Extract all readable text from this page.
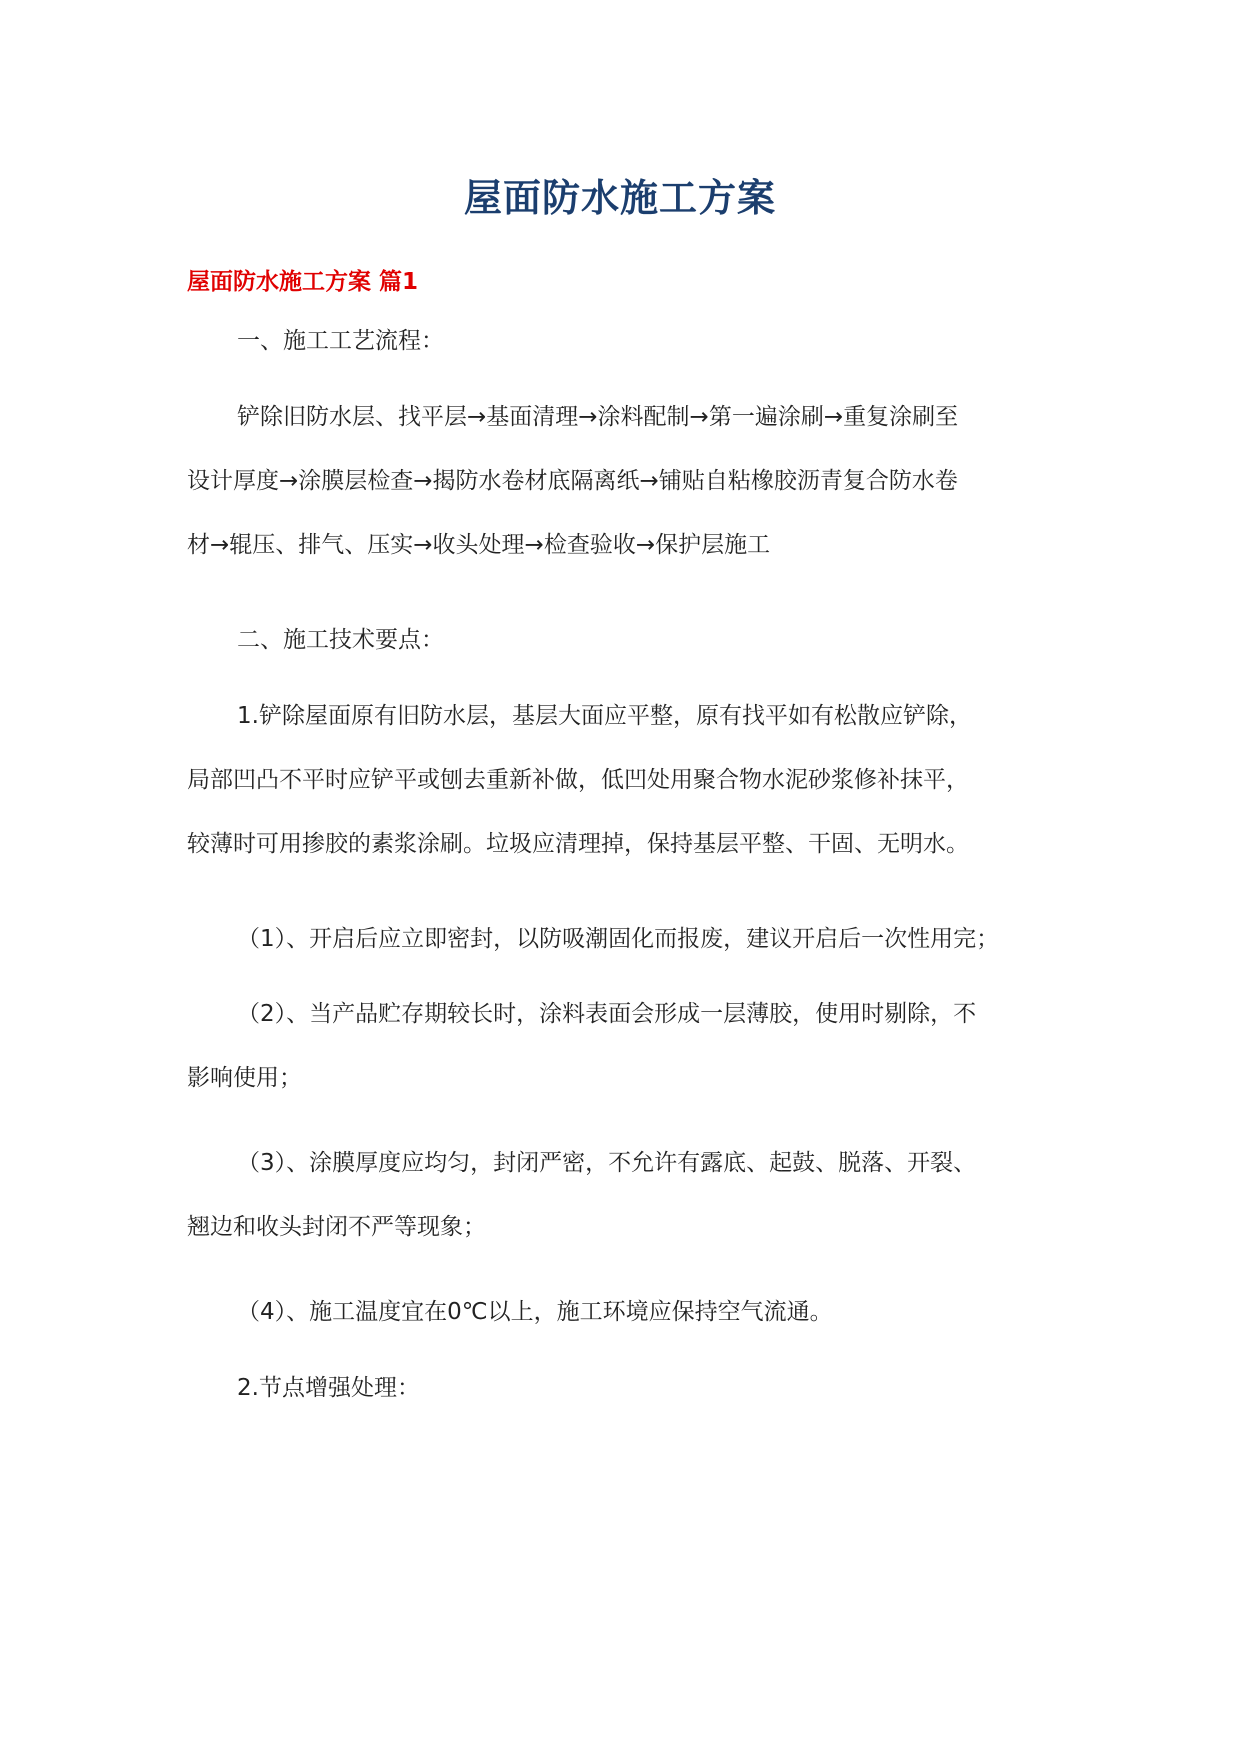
屋面防水施工方案
屋面防水施工方案 篇1
一、施工工艺流程：
铲除旧防水层、找平层→基面清理→涂料配制→第一遍涂刷→重复涂刷至
设计厚度→涂膜层检查→揭防水卷材底隔离纸→铺贴自粘橡胶沥青复合防水卷
材→辊压、排气、压实→收头处理→检查验收→保护层施工
二、施工技术要点：
1.铲除屋面原有旧防水层，基层大面应平整，原有找平如有松散应铲除，
局部凹凸不平时应铲平或刨去重新补做，低凹处用聚合物水泥砂浆修补抹平，
较薄时可用掺胶的素浆涂刷。垃圾应清理掉，保持基层平整、干固、无明水。
（1）、开启后应立即密封，以防吸潮固化而报废，建议开启后一次性用完；
（2）、当产品贮存期较长时，涂料表面会形成一层薄胶，使用时剔除，不
影响使用；
（3）、涂膜厚度应均匀，封闭严密，不允许有露底、起鼓、脱落、开裂、
翘边和收头封闭不严等现象；
（4）、施工温度宜在0℃以上，施工环境应保持空气流通。
2.节点增强处理：
